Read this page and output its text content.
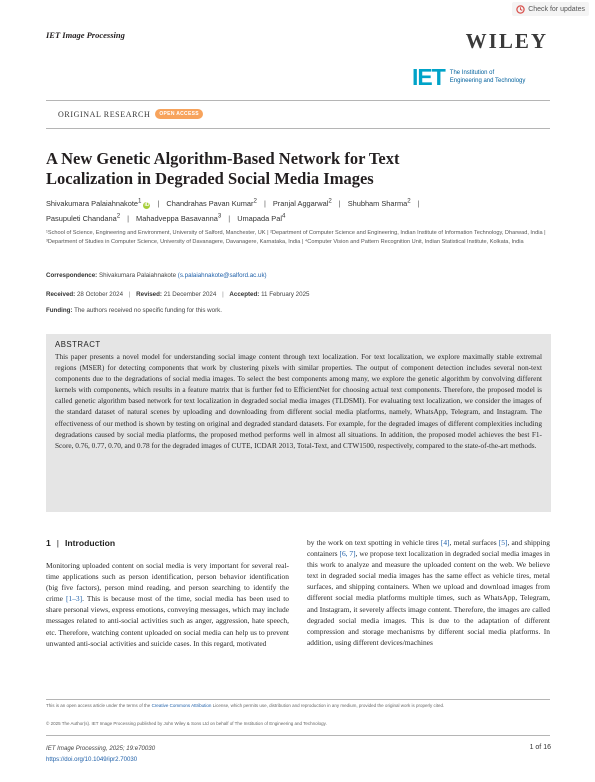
Check for updates
IET Image Processing	WILEY
IET The Institution of
Engineering and Technology
ORIGINAL RESEARCH	OPEN ACCESS
A New Genetic Algorithm-Based Network for Text Localization in Degraded Social Media Images
Shivakumara Palaiahnakote$^1$iD | Chandrahas Pavan Kumar$^2$ | Pranjal Aggarwal$^2$ | Shubham Sharma$^2$ |
Pasupuleti Chandana$^2$ | Mahadveppa Basavanna$^3$ | Umapada Pal$^4$
¹School of Science, Engineering and Environment, University of Salford, Manchester, UK | ²Department of Computer Science and Engineering, Indian Institute of Information Technology, Dharwad, India | ³Department of Studies in Computer Science, University of Davanagere, Davanagere, Karnataka, India | ⁴Computer Vision and Pattern Recognition Unit, Indian Statistical Institute, Kolkata, India
Correspondence: Shivakumara Palaiahnakote (s.palaiahnakote@salford.ac.uk)
Received: 28 October 2024 | Revised: 21 December 2024 | Accepted: 11 February 2025
Funding: The authors received no specific funding for this work.
ABSTRACT

This paper presents a novel model for understanding social image content through text localization. For text localization, we explore maximally stable extremal regions (MSER) for detecting components that work by clustering pixels with similar properties. The output of component detection includes several non-text components due to the degradations of social media images. To select the best components among many, we explore the genetic algorithm by convolving different kernels with components, which results in a feature matrix that is further fed to EfficientNet for choosing actual text components. Therefore, the proposed model is called genetic algorithm based network for text localization in degraded social media images (TLDSMI). For evaluating text localization, we consider the images of the standard dataset of natural scenes by uploading and downloading from different social media platforms, namely, WhatsApp, Telegram, and Instagram. The effectiveness of our method is shown by testing on original and degraded standard datasets. For example, for the degraded images of different complexities including degradations caused by social media platforms, the proposed method performs well in almost all situations. In addition, the proposed model achieves the best F1-Score, 0.76, 0.77, 0.70, and 0.78 for the degraded images of CUTE, ICDAR 2013, Total-Text, and CTW1500, respectively, compared to the state-of-the-art methods.

1 | Introduction
Monitoring uploaded content on social media is very important for several real-time applications such as person identification, person behavior identification (big five factors), person mind reading, and person searching to identify the crime [1–3]. This is because most of the time, social media has been used to share personal views, express emotions, conveying messages, which may include messages related to anti-social activities such as anger, aggression, hate speech, etc. Therefore, watching content uploaded on social media can help us to prevent unwanted anti-social activities and suicide cases. In this regard, motivated
by the work on text spotting in vehicle tires [4], metal surfaces [5], and shipping containers [6, 7], we propose text localization in degraded social media images in this work to analyze and measure the uploaded content on the web. We believe text in degraded social media images has the same effect as vehicle tires, metal surfaces, and shipping containers. When we upload and download images from different social media platforms multiple times, such as WhatsApp, Telegram, and Instagram, it severely affects image content. Therefore, the images are called degraded social media images. This is due to the adaptation of different compression and storage mechanisms by different social media platforms. In addition, using different devices/machines
This is an open access article under the terms of the Creative Commons Attribution License, which permits use, distribution and reproduction in any medium, provided the original work is properly cited.
© 2025 The Author(s). IET Image Processing published by John Wiley & Sons Ltd on behalf of The Institution of Engineering and Technology.
IET Image Processing, 2025; 19:e70030
https://doi.org/10.1049/ipr2.70030
1 of 16
